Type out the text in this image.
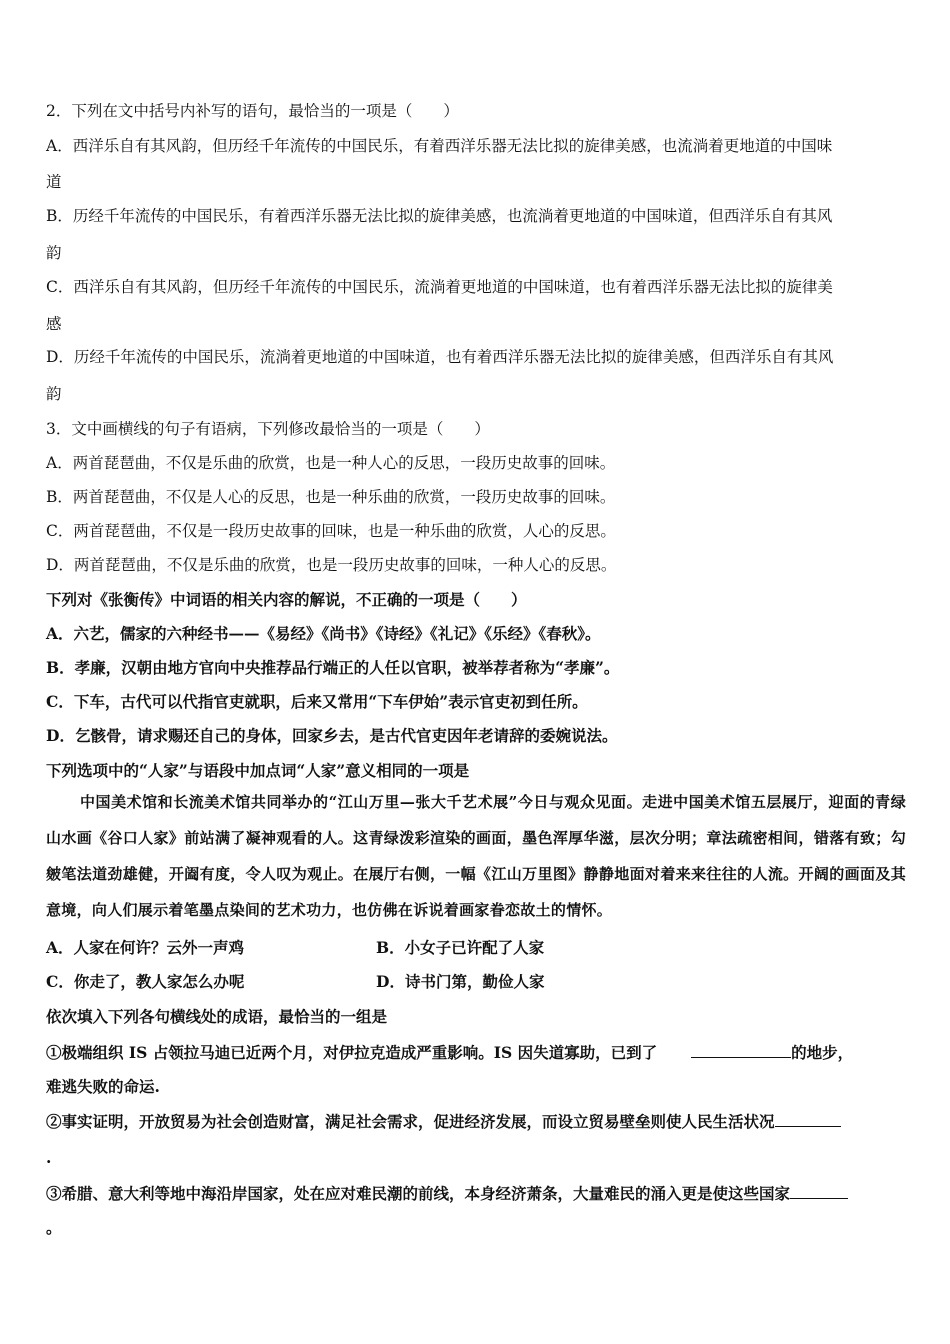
2．下列在文中括号内补写的语句，最恰当的一项是（　　）
A．西洋乐自有其风韵，但历经千年流传的中国民乐，有着西洋乐器无法比拟的旋律美感，也流淌着更地道的中国味
道
B．历经千年流传的中国民乐，有着西洋乐器无法比拟的旋律美感，也流淌着更地道的中国味道，但西洋乐自有其风
韵
C．西洋乐自有其风韵，但历经千年流传的中国民乐，流淌着更地道的中国味道，也有着西洋乐器无法比拟的旋律美
感
D．历经千年流传的中国民乐，流淌着更地道的中国味道，也有着西洋乐器无法比拟的旋律美感，但西洋乐自有其风
韵
3．文中画横线的句子有语病，下列修改最恰当的一项是（　　）
A．两首琵琶曲，不仅是乐曲的欣赏，也是一种人心的反思，一段历史故事的回味。
B．两首琵琶曲，不仅是人心的反思，也是一种乐曲的欣赏，一段历史故事的回味。
C．两首琵琶曲，不仅是一段历史故事的回味，也是一种乐曲的欣赏，人心的反思。
D．两首琵琶曲，不仅是乐曲的欣赏，也是一段历史故事的回味，一种人心的反思。
下列对《张衡传》中词语的相关内容的解说，不正确的一项是（　　）
A．六艺，儒家的六种经书——《易经》《尚书》《诗经》《礼记》《乐经》《春秋》。
B．孝廉，汉朝由地方官向中央推荐品行端正的人任以官职，被举荐者称为“孝廉”。
C．下车，古代可以代指官吏就职，后来又常用“下车伊始”表示官吏初到任所。
D．乞骸骨，请求赐还自己的身体，回家乡去，是古代官吏因年老请辞的委婉说法。
下列选项中的“人家”与语段中加点词“人家”意义相同的一项是
中国美术馆和长流美术馆共同举办的“江山万里—张大千艺术展”今日与观众见面。走进中国美术馆五层展厅，迎面的青绿山水画《谷口人家》前站满了凝神观看的人。这青绿泼彩渲染的画面，墨色浑厚华滋，层次分明；章法疏密相间，错落有致；勾皴笔法道劲雄健，开阖有度，令人叹为观止。在展厅右侧，一幅《江山万里图》静静地面对着来来往往的人流。开阔的画面及其意境，向人们展示着笔墨点染间的艺术功力，也仿佛在诉说着画家眷恋故土的情怀。
A．人家在何许？云外一声鸡	B．小女子已许配了人家
C．你走了，教人家怎么办呢	D．诗书门第，勤俭人家
依次填入下列各句横线处的成语，最恰当的一组是
①极端组织 IS 占领拉马迪已近两个月，对伊拉克造成严重影响。IS 因失道寡助，已到了	的地步，
难逃失败的命运.
②事实证明，开放贸易为社会创造财富，满足社会需求，促进经济发展，而设立贸易壁垒则使人民生活状况
.
③希腊、意大利等地中海沿岸国家，处在应对难民潮的前线，本身经济萧条，大量难民的涌入更是使这些国家
。
